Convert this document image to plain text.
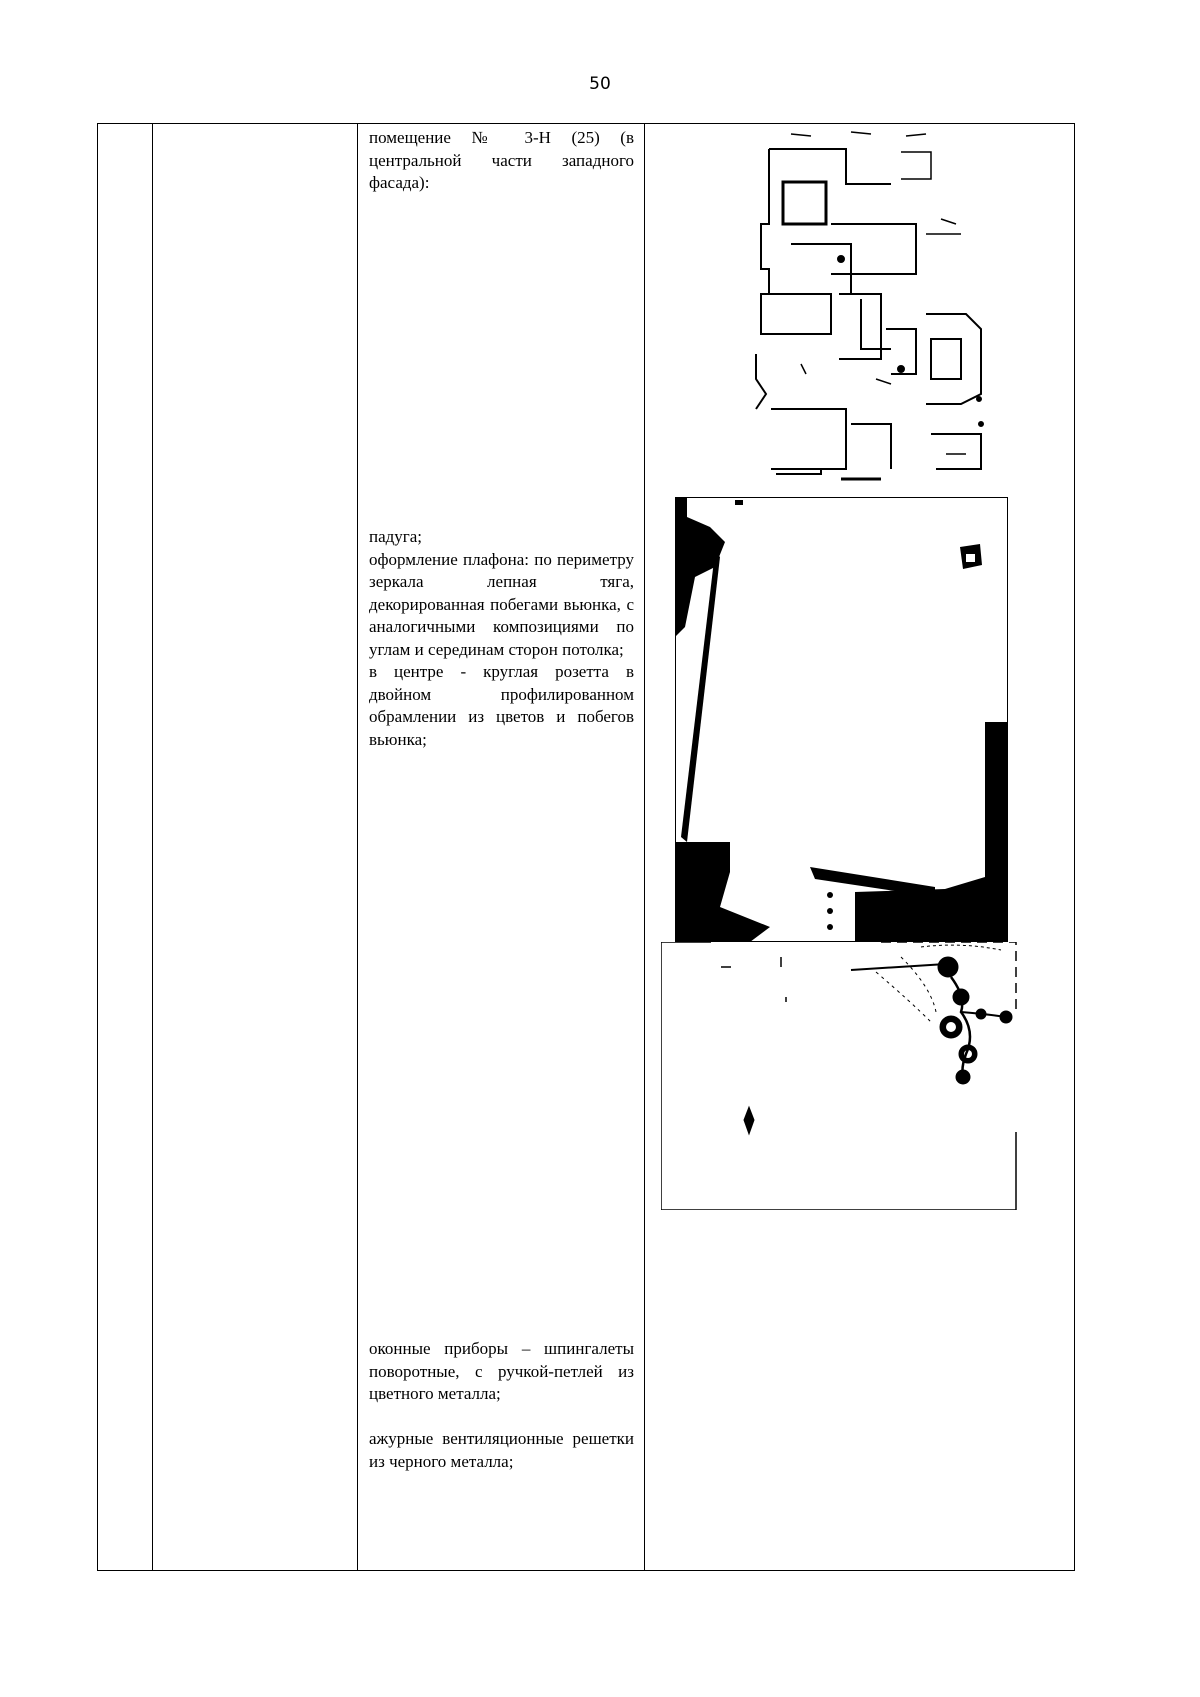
50
помещение № 3-Н (25) (в центральной части западного фасада):
падуга;
оформление плафона: по периметру зеркала лепная тяга, декорированная побегами вьюнка, с аналогичными композициями по углам и серединам сторон потолка;
в центре - круглая розетта в двойном профилированном обрамлении из цветов и побегов вьюнка;
оконные приборы – шпингалеты поворотные, с ручкой-петлей из цветного металла;

ажурные вентиляционные решетки из черного металла;
